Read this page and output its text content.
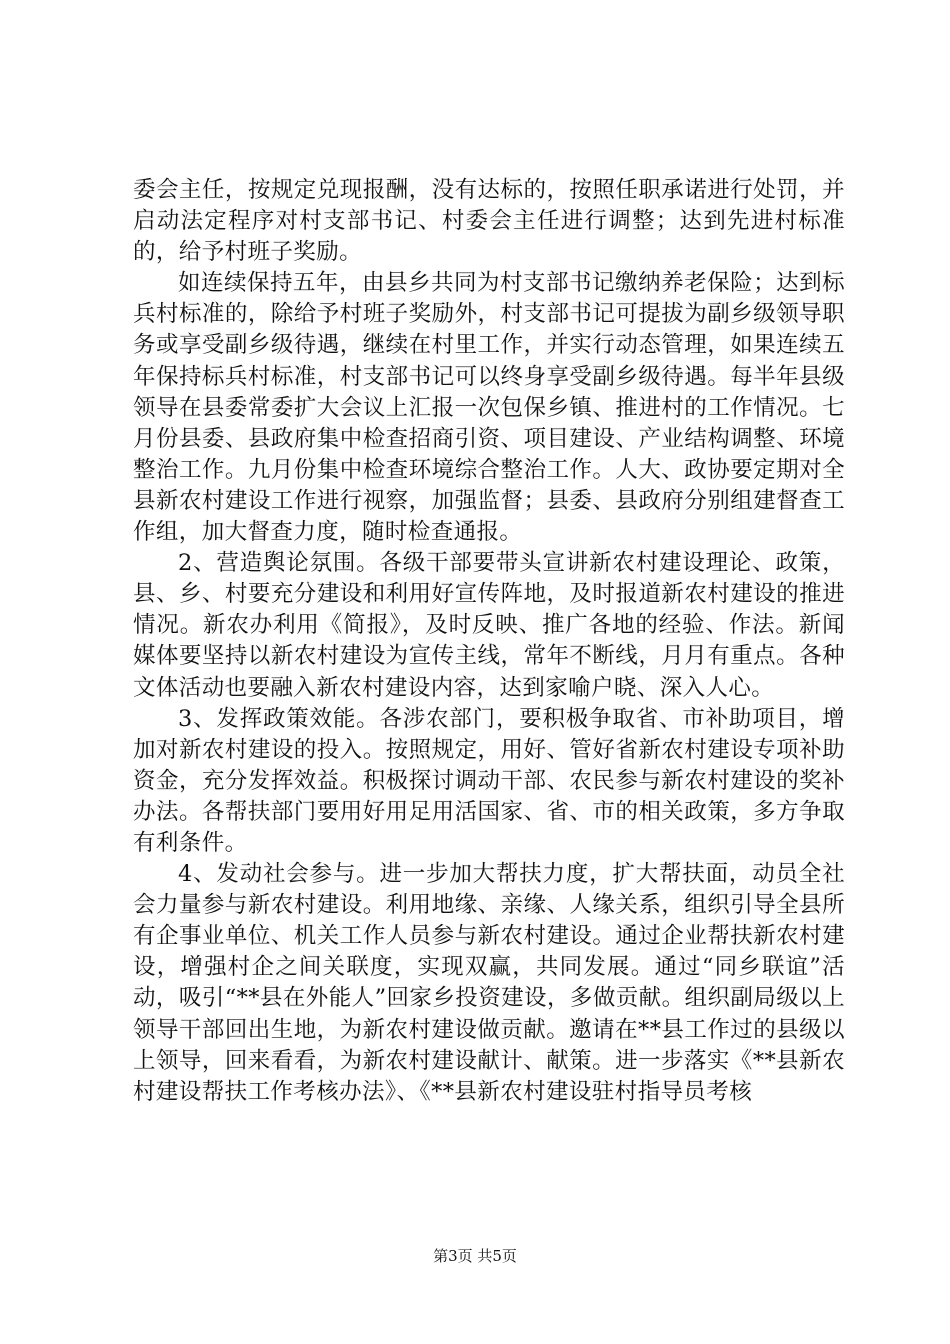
委会主任，按规定兑现报酬，没有达标的，按照任职承诺进行处罚，并启动法定程序对村支部书记、村委会主任进行调整；达到先进村标准的，给予村班子奖励。

如连续保持五年，由县乡共同为村支部书记缴纳养老保险；达到标兵村标准的，除给予村班子奖励外，村支部书记可提拔为副乡级领导职务或享受副乡级待遇，继续在村里工作，并实行动态管理，如果连续五年保持标兵村标准，村支部书记可以终身享受副乡级待遇。每半年县级领导在县委常委扩大会议上汇报一次包保乡镇、推进村的工作情况。七月份县委、县政府集中检查招商引资、项目建设、产业结构调整、环境整治工作。九月份集中检查环境综合整治工作。人大、政协要定期对全县新农村建设工作进行视察，加强监督；县委、县政府分别组建督查工作组，加大督查力度，随时检查通报。

2、营造舆论氛围。各级干部要带头宣讲新农村建设理论、政策，县、乡、村要充分建设和利用好宣传阵地，及时报道新农村建设的推进情况。新农办利用《简报》，及时反映、推广各地的经验、作法。新闻媒体要坚持以新农村建设为宣传主线，常年不断线，月月有重点。各种文体活动也要融入新农村建设内容，达到家喻户晓、深入人心。

3、发挥政策效能。各涉农部门，要积极争取省、市补助项目，增加对新农村建设的投入。按照规定，用好、管好省新农村建设专项补助资金，充分发挥效益。积极探讨调动干部、农民参与新农村建设的奖补办法。各帮扶部门要用好用足用活国家、省、市的相关政策，多方争取有利条件。

4、发动社会参与。进一步加大帮扶力度，扩大帮扶面，动员全社会力量参与新农村建设。利用地缘、亲缘、人缘关系，组织引导全县所有企事业单位、机关工作人员参与新农村建设。通过企业帮扶新农村建设，增强村企之间关联度，实现双赢，共同发展。通过“同乡联谊”活动，吸引“**县在外能人”回家乡投资建设，多做贡献。组织副局级以上领导干部回出生地，为新农村建设做贡献。邀请在**县工作过的县级以上领导，回来看看，为新农村建设献计、献策。进一步落实《**县新农村建设帮扶工作考核办法》、《**县新农村建设驻村指导员考核

第3页 共5页
